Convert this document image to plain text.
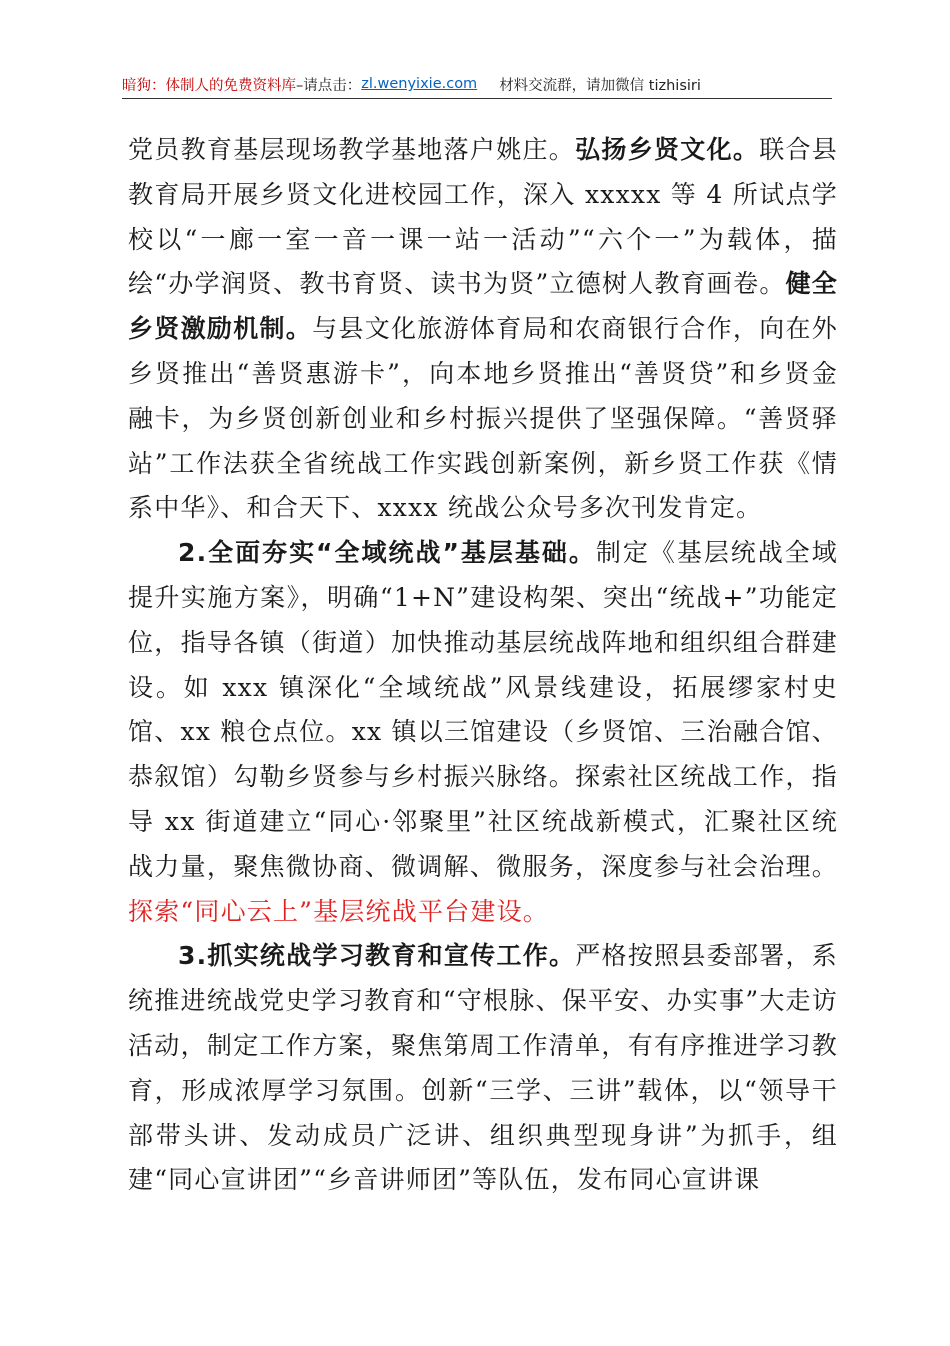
暗狗：体制人的免费资料库 –请点击： zl.wenyixie.com 材料交流群，请加微信 tizhisiri

党员教育基层现场教学基地落户姚庄。弘扬乡贤文化。联合县教育局开展乡贤文化进校园工作，深入 xxxxx 等 4 所试点学校以“一廊一室一音一课一站一活动”“六个一”为载体，描绘“办学润贤、教书育贤、读书为贤”立德树人教育画卷。健全乡贤激励机制。与县文化旅游体育局和农商银行合作，向在外乡贤推出“善贤惠游卡”，向本地乡贤推出“善贤贷”和乡贤金融卡，为乡贤创新创业和乡村振兴提供了坚强保障。“善贤驿站”工作法获全省统战工作实践创新案例，新乡贤工作获《情系中华》、和合天下、xxxx 统战公众号多次刊发肯定。

2.全面夯实“全域统战”基层基础。制定《基层统战全域提升实施方案》，明确“1+N”建设构架、突出“统战+”功能定位，指导各镇（街道）加快推动基层统战阵地和组织组合群建设。如 xxx 镇深化“全域统战”风景线建设，拓展缪家村史馆、xx 粮仓点位。xx 镇以三馆建设（乡贤馆、三治融合馆、恭叙馆）勾勒乡贤参与乡村振兴脉络。探索社区统战工作，指导 xx 街道建立“同心·邻聚里”社区统战新模式，汇聚社区统战力量，聚焦微协商、微调解、微服务，深度参与社会治理。探索“同心云上”基层统战平台建设。

3.抓实统战学习教育和宣传工作。严格按照县委部署，系统推进统战党史学习教育和“守根脉、保平安、办实事”大走访活动，制定工作方案，聚焦第周工作清单，有有序推进学习教育，形成浓厚学习氛围。创新“三学、三讲”载体，以“领导干部带头讲、发动成员广泛讲、组织典型现身讲”为抓手，组建“同心宣讲团”“乡音讲师团”等队伍，发布同心宣讲课
